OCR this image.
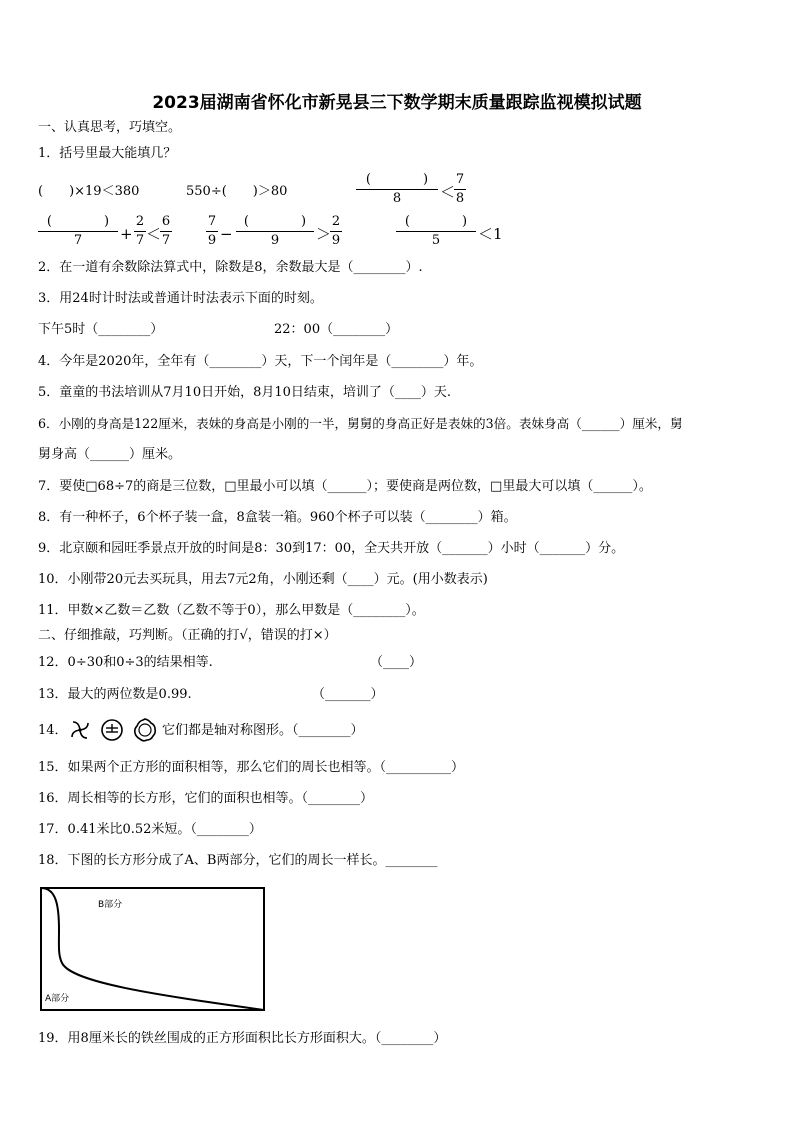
2023届湖南省怀化市新晃县三下数学期末质量跟踪监视模拟试题
一、认真思考，巧填空。
1．括号里最大能填几？
(　　)×19＜380	550÷(　　)＞80
(　　　　)
8	＜
7
8
(　　　　)
7	+
2
7 ＜
6
7
7
9 −
(　　　　)
9	＞
2
9
(　　　　)
5	＜1
2．在一道有余数除法算式中，除数是8，余数最大是（________）.
3．用24时计时法或普通计时法表示下面的时刻。
下午5时（________）	22：00（________）
4．今年是2020年，全年有（________）天，下一个闰年是（________）年。
5．童童的书法培训从7月10日开始，8月10日结束，培训了（____）天.
6．小刚的身高是122厘米，表妹的身高是小刚的一半，舅舅的身高正好是表妹的3倍。表妹身高（______）厘米，舅
舅身高（______）厘米。
7．要使□68÷7的商是三位数，□里最小可以填（______）；要使商是两位数，□里最大可以填（______）。
8．有一种杯子，6个杯子装一盒，8盒装一箱。960个杯子可以装（________）箱。
9．北京颐和园旺季景点开放的时间是8：30到17：00，全天共开放（_______）小时（_______）分。
10．小刚带20元去买玩具，用去7元2角，小刚还剩（____）元。(用小数表示)
11．甲数×乙数＝乙数（乙数不等于0），那么甲数是（________）。
二、仔细推敲，巧判断。（正确的打√，错误的打×）
12．0÷30和0÷3的结果相等.	（____）
13．最大的两位数是0.99.	（_______）
14．	它们都是轴对称图形。（________）
15．如果两个正方形的面积相等，那么它们的周长也相等。（__________）
16．周长相等的长方形，它们的面积也相等。（________）
17．0.41米比0.52米短。（________）
18．下图的长方形分成了A、B两部分，它们的周长一样长。________
B部分
A部分
19．用8厘米长的铁丝围成的正方形面积比长方形面积大。（________）
